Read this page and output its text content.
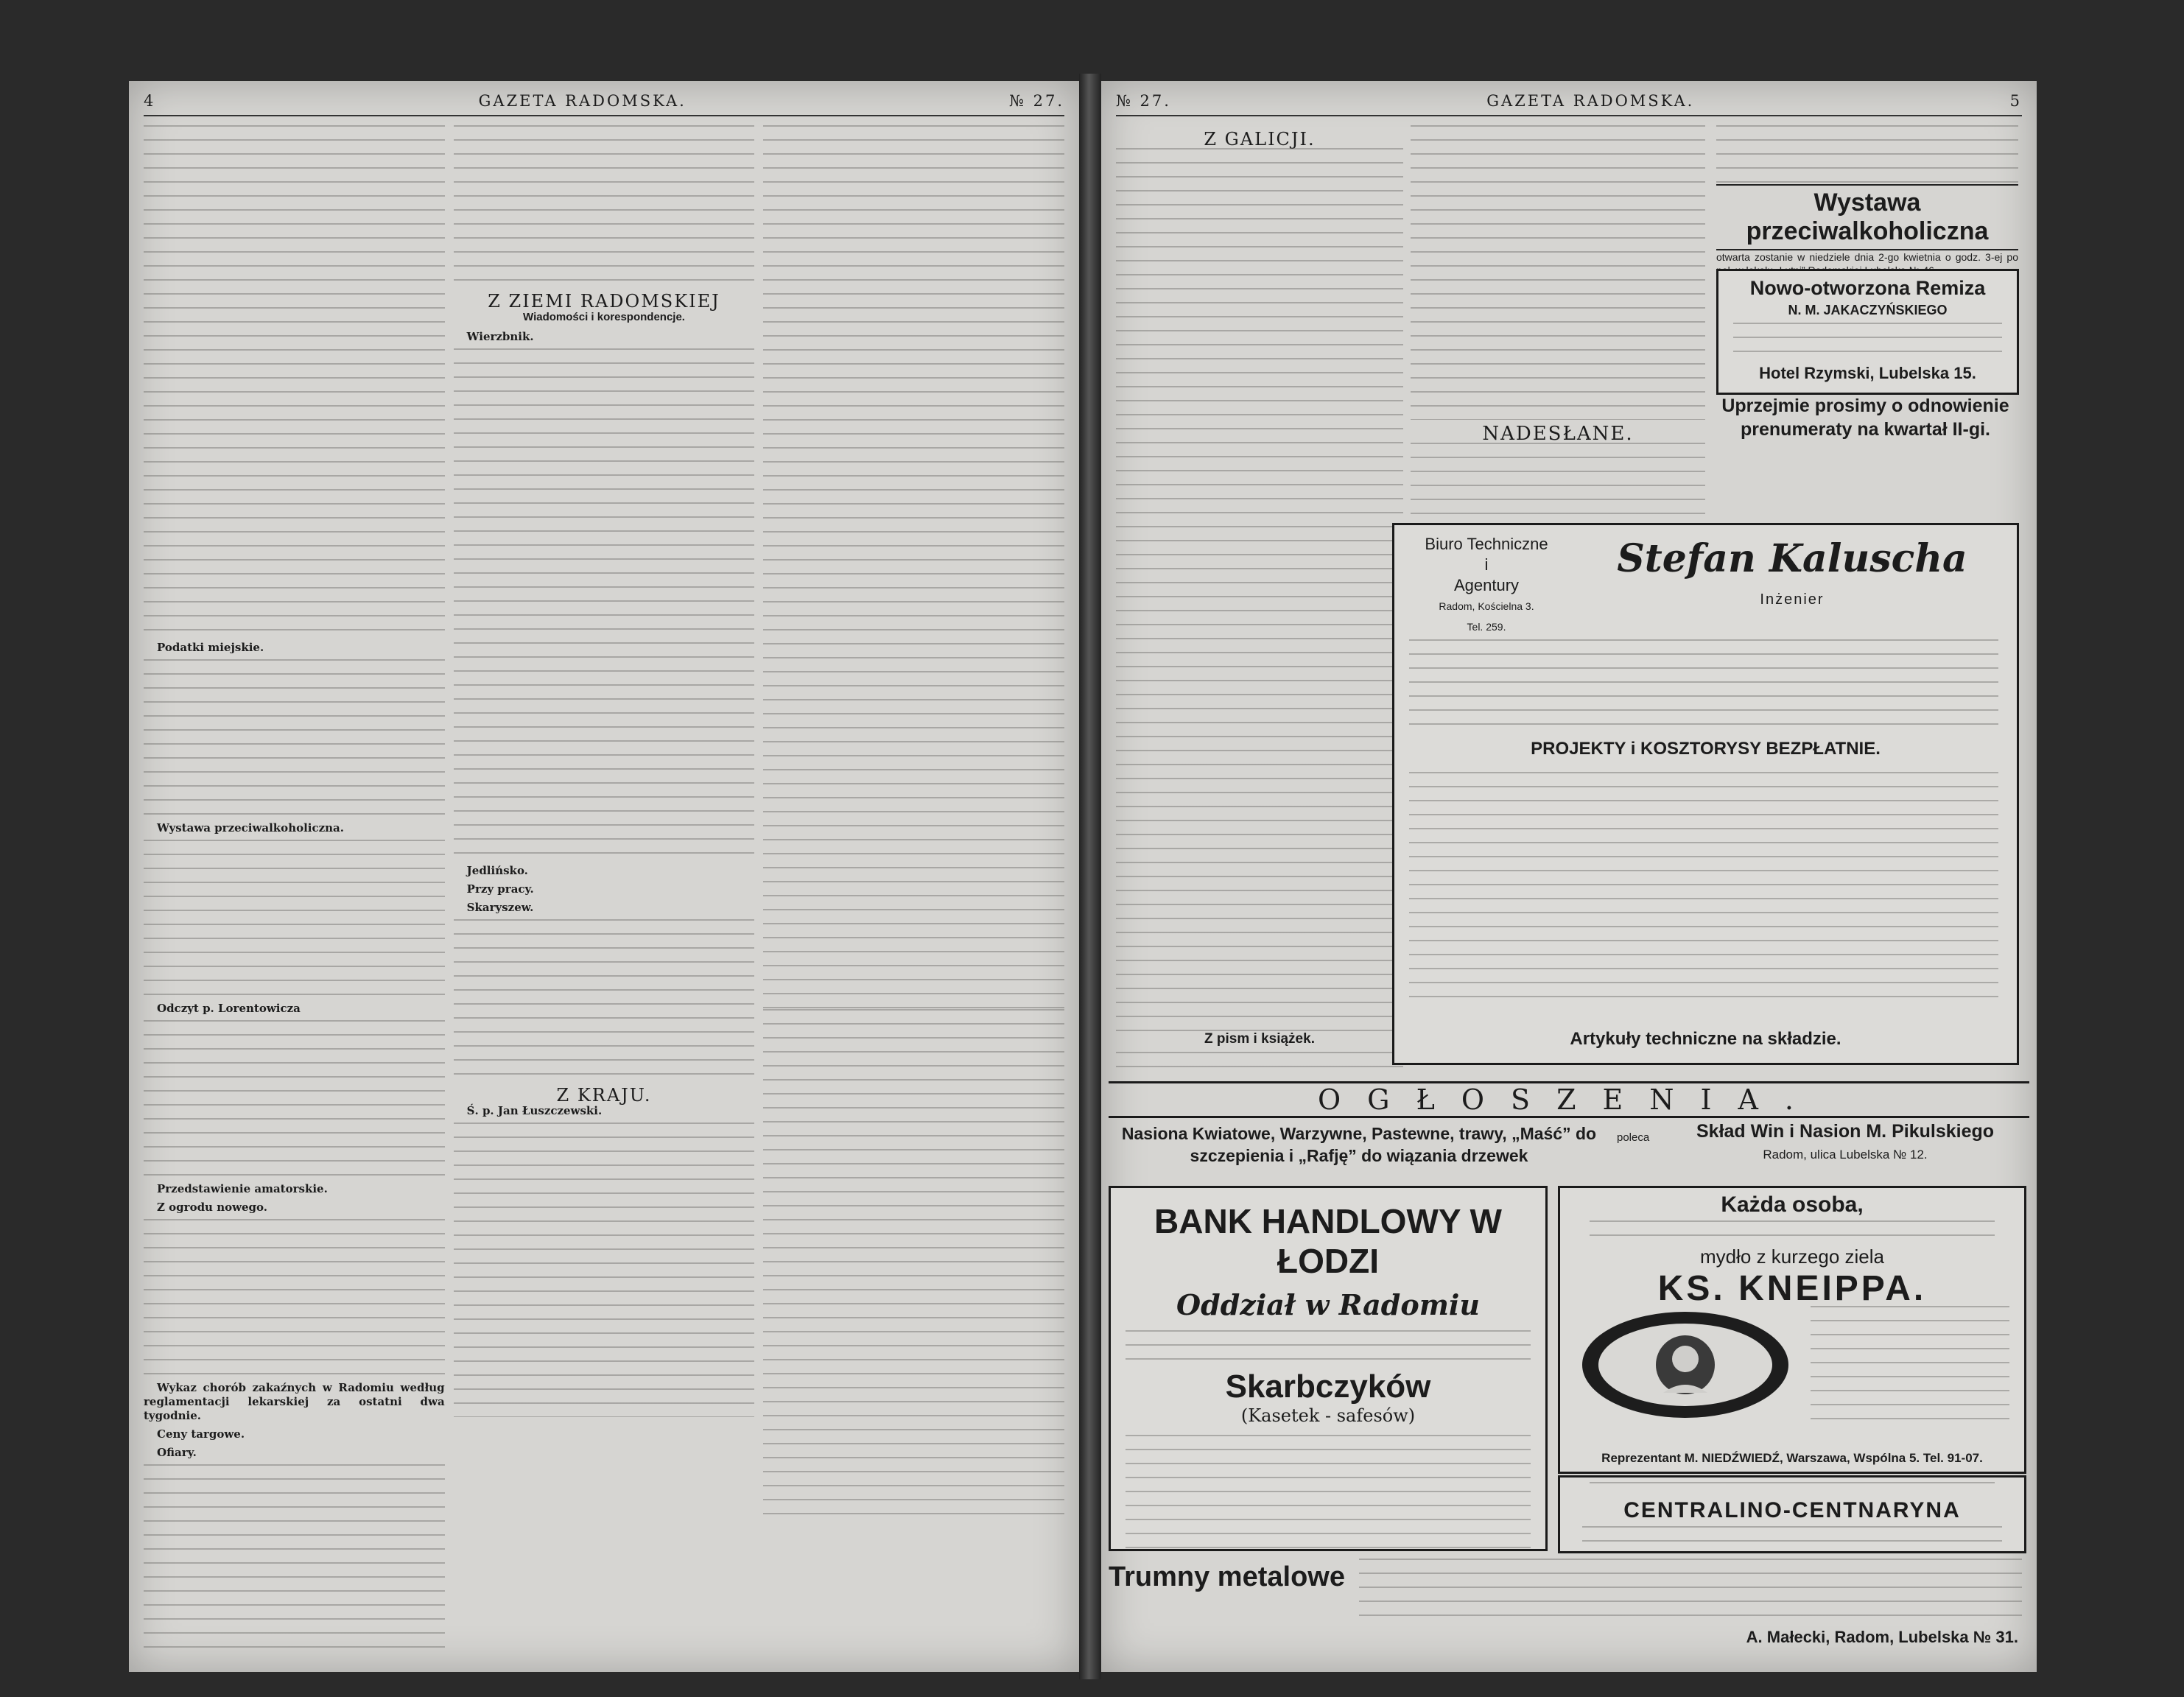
4	GAZETA RADOMSKA.	№ 27.

Podatki miejskie.

Wystawa przeciwalkoholiczna.

Odczyt p. Lorentowicza

Przedstawienie amatorskie.

Z ogrodu nowego.

Wykaz chorób zakaźnych w Radomiu według reglamentacji lekarskiej za ostatni dwa tygodnie.

Ceny targowe.

Ofiary.

Z ZIEMI RADOMSKIEJ
Wiadomości i korespondencje.

Wierzbnik.

Jedlińsko.

Przy pracy.

Skaryszew.

Z KRAJU.

Ś. p. Jan Łuszczewski.

№ 27.	GAZETA RADOMSKA.	5
Z GALICJI.
Z pism i książek.
NADESŁANE.
Wystawa przeciwalkoholiczna
otwarta zostanie w niedziele dnia 2-go kwietnia o godz. 3-ej po
Nowo-otworzona Remiza
N. M. JAKACZYŃSKIEGO
Hotel Rzymski, Lubelska 15.
Uprzejmie prosimy o odnowienie prenumeraty na kwartał II-gi.
Biuro Techniczne
i
Agentury
Radom, Kościelna 3.
Tel. 259.
Stefan Kaluscha
Inżenier
PROJEKTY i KOSZTORYSY BEZPŁATNIE.
Artykuły techniczne na składzie.
OGŁOSZENIA.
Nasiona Kwiatowe, Warzywne, Pastewne, trawy, „Maść” do szczepienia i „Rafję” do wiązania drzewek
poleca	Skład Win i Nasion M. Pikulskiego
Radom, ulica Lubelska № 12.
BANK HANDLOWY W ŁODZI
Oddział w Radomiu
Skarbczyków
(Kasetek - safesów)
Każda osoba,
mydło z kurzego ziela
KS. KNEIPPA.
Reprezentant M. NIEDŹWIEDŹ, Warszawa, Wspólna 5. Tel. 91-07.
CENTRALINO-CENTNARYNA
Trumny metalowe
A. Małecki, Radom, Lubelska № 31.
